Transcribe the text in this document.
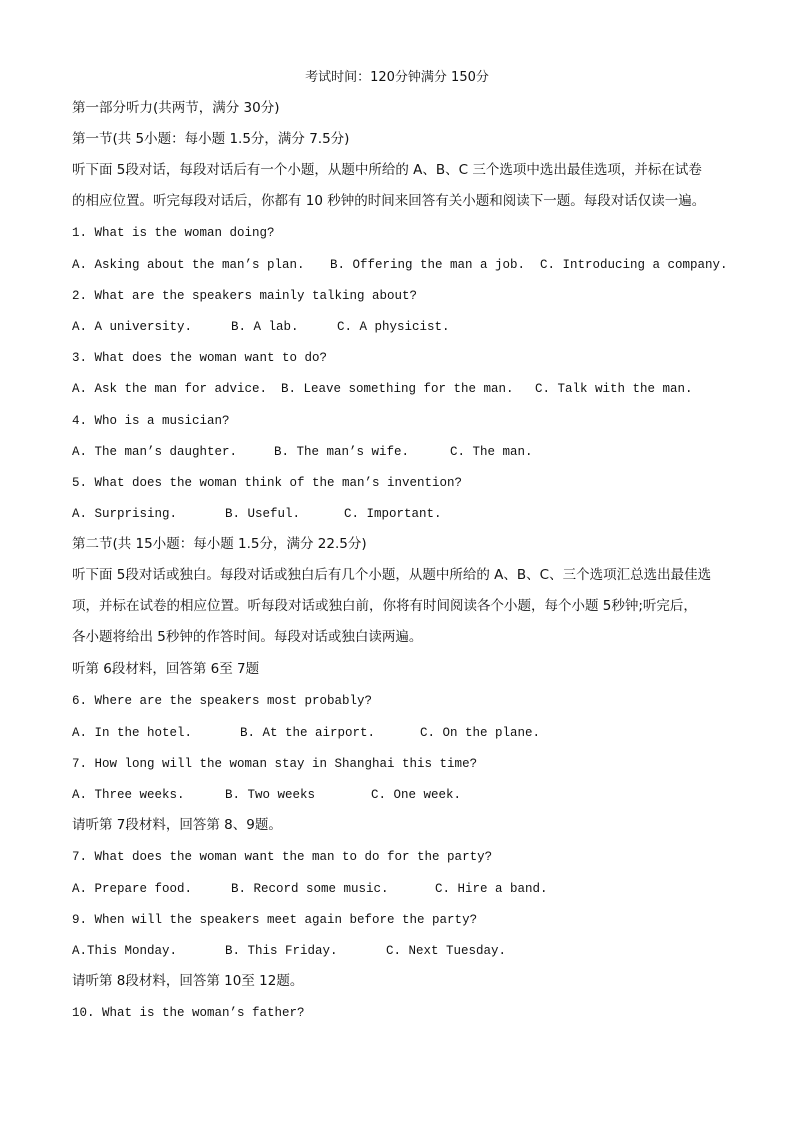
考试时间：120分钟满分 150分
第一部分听力(共两节，满分 30分)
第一节(共 5小题：每小题 1.5分，满分 7.5分)
听下面 5段对话，每段对话后有一个小题，从题中所给的 A、B、C 三个选项中选出最佳选项，并标在试卷
的相应位置。听完每段对话后，你都有 10 秒钟的时间来回答有关小题和阅读下一题。每段对话仅读一遍。
1. What is the woman doing?
A. Asking about the man’s plan. B. Offering the man a job. C. Introducing a company.
2. What are the speakers mainly talking about?
A. A university.	B. A lab.	C. A physicist.
3. What does the woman want to do?
A. Ask the man for advice. B. Leave something for the man. C. Talk with the man.
4. Who is a musician?
A. The man’s daughter.	B. The man’s wife.	C. The man.
5. What does the woman think of the man’s invention?
A. Surprising.	B. Useful.	C. Important.
第二节(共 15小题：每小题 1.5分，满分 22.5分)
听下面 5段对话或独白。每段对话或独白后有几个小题，从题中所给的 A、B、C、三个选项汇总选出最佳选
项，并标在试卷的相应位置。听每段对话或独白前，你将有时间阅读各个小题，每个小题 5秒钟;听完后，
各小题将给出 5秒钟的作答时间。每段对话或独白读两遍。
听第 6段材料，回答第 6至 7题
6. Where are the speakers most probably?
A. In the hotel.	B. At the airport.	C. On the plane.
7. How long will the woman stay in Shanghai this time?
A. Three weeks.	B. Two weeks	C. One week.
请听第 7段材料，回答第 8、9题。
7. What does the woman want the man to do for the party?
A. Prepare food.	B. Record some music.	C. Hire a band.
9. When will the speakers meet again before the party?
A.This Monday.	B. This Friday.	C. Next Tuesday.
请听第 8段材料，回答第 10至 12题。
10. What is the woman’s father?
